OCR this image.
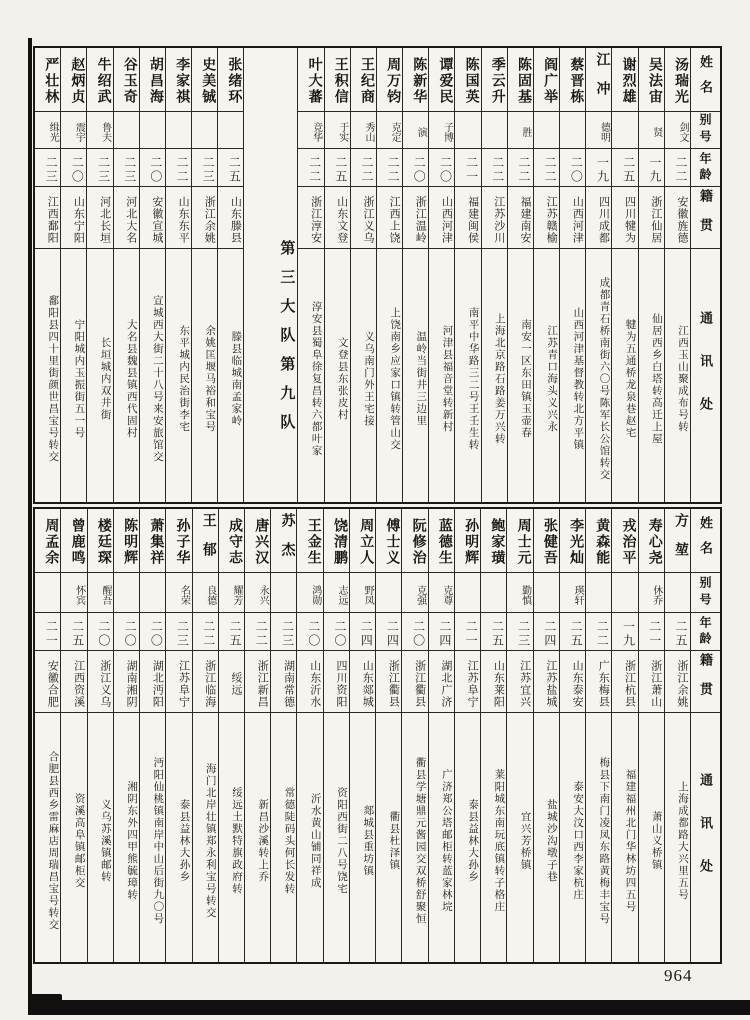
姓名
别号
年龄
籍贯
通讯处
汤瑞光
剑文
二二
安徽旌德
江西玉山聚成布号转
吴法宙
贤
一九
浙江仙居
仙居西乡白塔转高迁上屋
谢烈雄
二五
四川犍为
犍为五通桥龙泉巷赵宅
江冲
德明
一九
四川成都
成都青石桥南街六〇号陈军长公馆转交
蔡晋栋
二〇
山西河津
山西河津基督教转北方平镇
阎广举
二二
江苏赣榆
江苏青口海头义兴永
陈固基
胜
二二
福建南安
南安一区东田镇玉壶春
季云升
二二
江苏沙川
上海北京路石路姜万兴转
陈国英
二一
福建闽侯
南平中华路三二号王壬生转
谭爱民
子博
二〇
山西河津
河津县福音堂转新村
陈新华
演
二〇
浙江温岭
温岭当街井三边里
周万钧
克定
二二
江西上饶
上饶南乡应家口镇转管山交
王纪商
秀山
二二
浙江义乌
义乌南门外王宅接
王积信
于实
二五
山东文登
文登县东张皮村
叶大蕃
竞华
二二
浙江淳安
淳安县蜀阜徐复昌转六都叶家
第三大队第九队
张绪环
二五
山东滕县
滕县临城南孟家岭
史美铖
二三
浙江余姚
余姚匡堰马裕和宝号
李家祺
二二
山东东平
东平城内民治街李宅
胡昌海
二〇
安徽宣城
宣城西大街二十八号来安旅馆交
谷玉奇
二三
河北大名
大名县魏县镇西代固村
牛绍武
鲁夫
二三
河北长垣
长垣城内双井街
赵炳贞
震宇
二〇
山东宁阳
宁阳城内玉振街五一号
严壮林
缉光
二三
江西鄱阳
鄱阳县四十里街颜世昌宝号转交
姓名
别号
年龄
籍贯
通讯处
方堃
二五
浙江余姚
上海成都路大兴里五号
寿心尧
休乔
二一
浙江萧山
萧山义桥镇
戎治平
一九
浙江杭县
福建福州北门华林坊四五号
黄森能
二二
广东梅县
梅县下南门凌凤东路黄梅丰宝号
李光灿
瑛轩
二五
山东泰安
泰安大汶口西李家杭庄
张健吾
二四
江苏盐城
盐城沙沟墩子巷
周士元
勤慎
二三
江苏宜兴
宜兴芳桥镇
鲍家璜
二五
山东莱阳
莱阳城东南玩底镇转子格庄
孙明辉
二一
江苏阜宁
泰县益林大孙乡
蓝德生
克尊
二四
湖北广济
广济郑公塔邮柜转蓝家林垸
阮修治
克强
二〇
浙江衢县
衢县学塘鼎元酱园交双桥舒聚恒
傅士义
二四
浙江衢县
衢县杜泽镇
周立人
野凤
二四
山东郯城
郯城县重坊镇
饶清鹏
志远
二〇
四川资阳
资阳西街二八号饶宅
王金生
鸿勋
二〇
山东沂水
沂水黄山铺同祥成
苏杰
二三
湖南常德
常德陡码头何长发转
唐兴汉
永兴
二二
浙江新昌
新昌沙溪转上乔
成守志
耀芳
二五
绥远
绥远土默特旗政府转
王郁
良德
二二
浙江临海
海门北岸壮镇郑永利宝号转交
孙子华
名荣
二三
江苏阜宁
泰县益林大孙乡
萧集祥
二〇
湖北沔阳
沔阳仙桃镇南岸中山后街九〇号
陈明辉
二〇
湖南湘阴
湘阴东外四甲熊毓璋转
楼廷琛
醒吾
二〇
浙江义乌
义乌苏溪镇邮转
曾鹿鸣
怀宾
二五
江西资溪
资溪高阜镇邮柜交
周孟余
二一
安徽合肥
合肥县西乡雷麻店周瑞昌宝号转交
964
